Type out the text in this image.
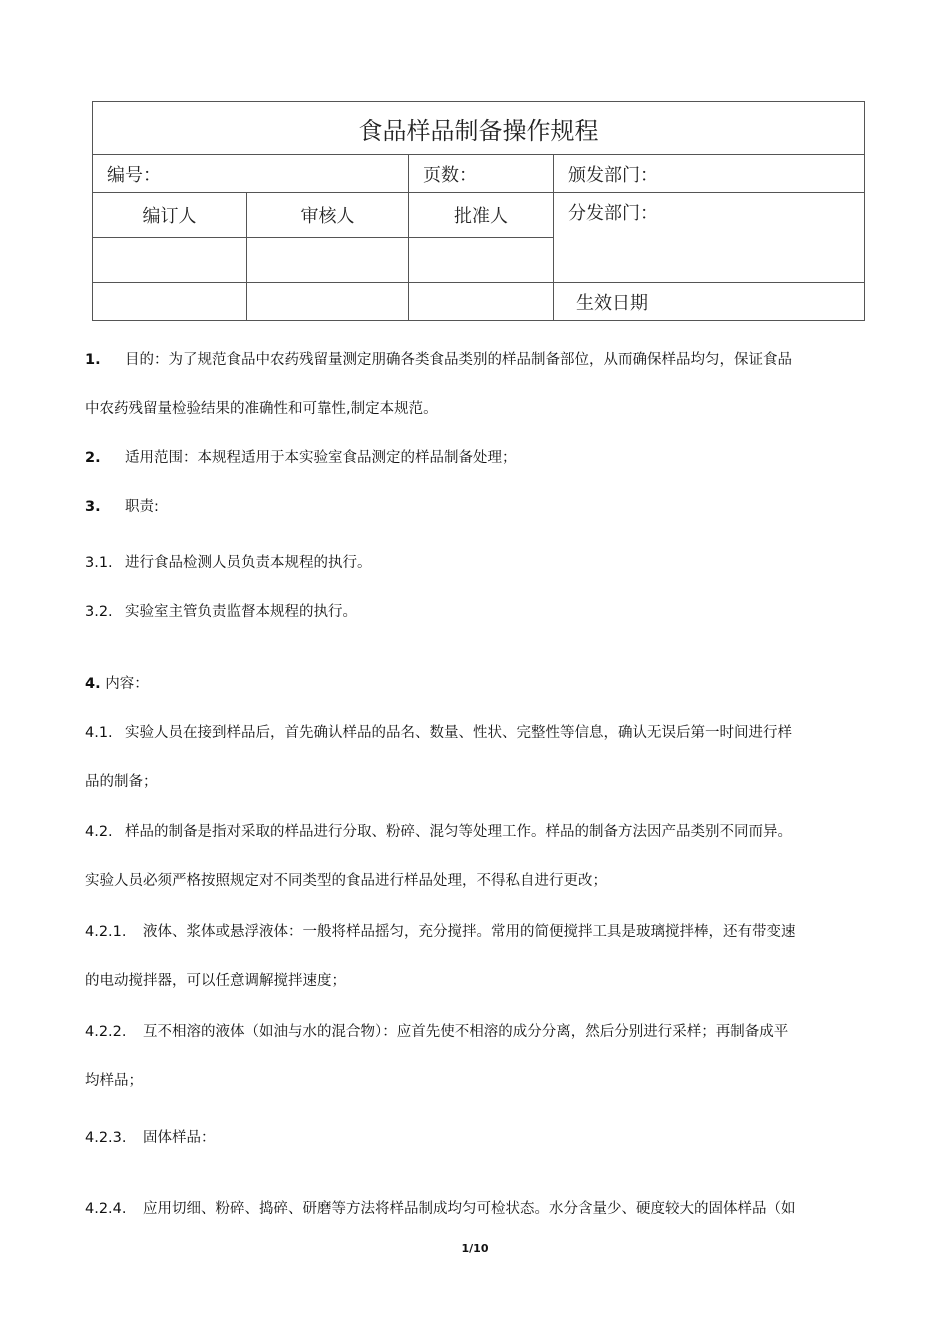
食品样品制备操作规程			
编号：		页数：	颁发部门：
编订人	审核人	批准人	分发部门：

			生效日期
1. 目的：为了规范食品中农药残留量测定朋确各类食品类别的样品制备部位，从而确保样品均匀，保证食品
中农药残留量检验结果的准确性和可靠性,制定本规范。
2. 适用范围：本规程适用于本实验室食品测定的样品制备处理；
3. 职责:
3.1. 进行食品检测人员负责本规程的执行。
3.2. 实验室主管负责监督本规程的执行。
4. 内容：
4.1. 实验人员在接到样品后，首先确认样品的品名、数量、性状、完整性等信息，确认无误后第一时间进行样
品的制备；
4.2. 样品的制备是指对采取的样品进行分取、粉碎、混匀等处理工作。样品的制备方法因产品类别不同而异。
实验人员必须严格按照规定对不同类型的食品进行样品处理，不得私自进行更改；
4.2.1. 液体、浆体或悬浮液体：一般将样品摇匀，充分搅拌。常用的简便搅拌工具是玻璃搅拌棒，还有带变速
的电动搅拌器，可以任意调解搅拌速度；
4.2.2. 互不相溶的液体（如油与水的混合物）：应首先使不相溶的成分分离，然后分别进行采样；再制备成平
均样品；
4.2.3. 固体样品：
4.2.4. 应用切细、粉碎、捣碎、研磨等方法将样品制成均匀可检状态。水分含量少、硬度较大的固体样品（如
1/10
